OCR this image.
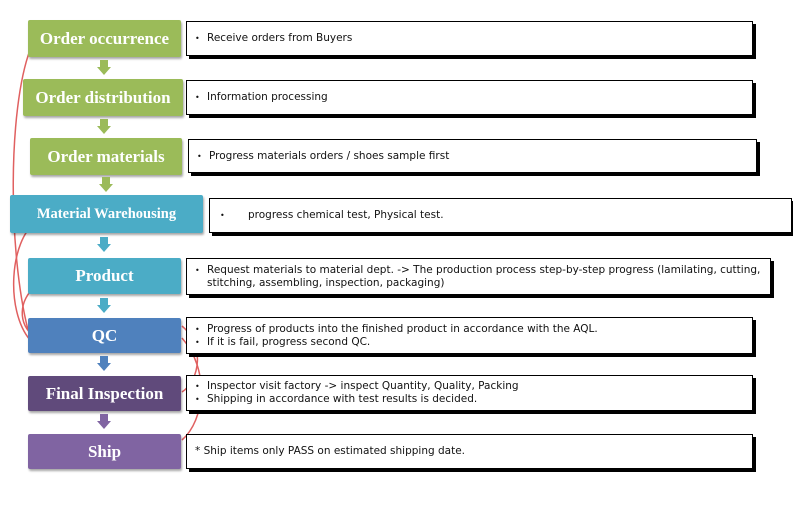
Order occurrence
Order distribution
Order materials
Material Warehousing
Product
QC
Final Inspection
Ship
• Receive orders from Buyers
• Information processing
• Progress materials orders / shoes sample first
•	progress chemical test, Physical test.
• Request materials to material dept. -> The production process step-by-step progress (lamilating, cutting, stitching, assembling, inspection, packaging)
• Progress of products into the finished product in accordance with the AQL.
• If it is fail, progress second QC.
• Inspector visit factory -> inspect Quantity, Quality, Packing
• Shipping in accordance with test results is decided.
* Ship items only PASS on estimated shipping date.
